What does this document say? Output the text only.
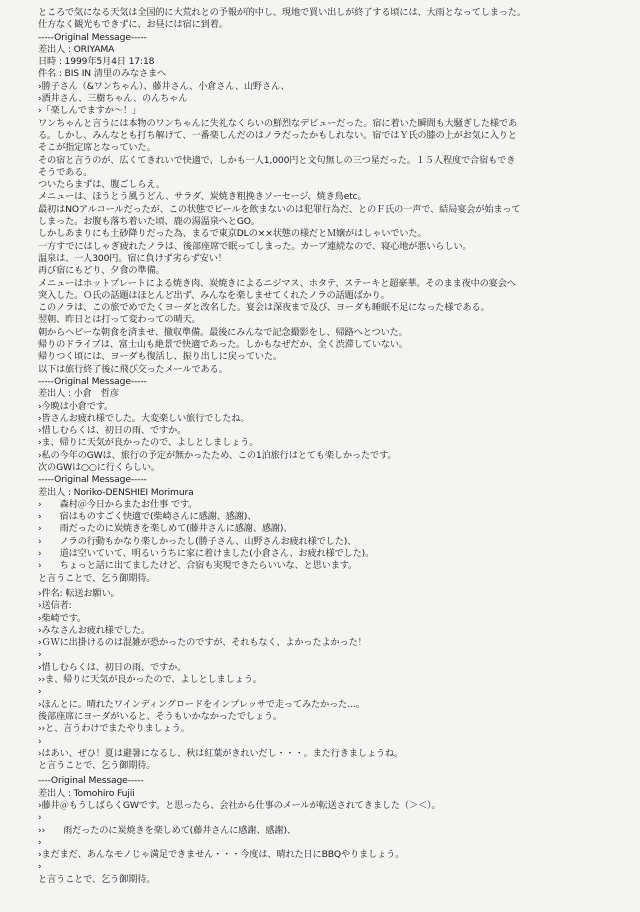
ところで気になる天気は全国的に大荒れとの予報が的中し、現地で買い出しが終了する頃には、大雨となってしまった。
仕方なく観光もできずに、お昼には宿に到着。
-----Original Message-----
差出人 : ORIYAMA
日時 : 1999年5月4日 17:18
件名 : BIS IN 清里のみなさまへ
›勝子さん（&ワンちゃん）、藤井さん、小倉さん、山野さん、
›酒井さん、三樹ちゃん、のんちゃん
›「楽しんでますか～！」
ワンちゃんと言うには本物のワンちゃんに失礼なくらいの鮮烈なデビューだった。宿に着いた瞬間も大騒ぎした様であ
る。しかし、みんなとも打ち解けて、一番楽しんだのはノラだったかもしれない。宿ではＹ氏の膝の上がお気に入りと
そこが指定席となっていた。
その宿と言うのが、広くてきれいで快適で、しかも一人1,000円と文句無しの三つ星だった。１５人程度で合宿もでき
そうである。
ついたらまずは、腹ごしらえ。
メニューは、ほうとう風うどん、サラダ、炭焼き粗挽きソーセージ、焼き鳥etc。
最初はNOアルコールだったが、この状態でビールを飲まないのは犯罪行為だ、とのＦ氏の一声で、結局宴会が始まって
しまった。お腹も落ち着いた頃、鹿の湯温泉へとGO。
しかしあまりにも土砂降りだった為、まるで東京DLの××状態の様だとＭ嬢がはしゃいでいた。
一方すでにはしゃぎ疲れたノラは、後部座席で眠ってしまった。カーブ連続なので、寝心地が悪いらしい。
温泉は、一人300円。宿に負けず劣らず安い！
再び宿にもどり、夕食の準備。
メニューはホットプレートによる焼き肉、炭焼きによるニジマス、ホタテ、ステーキと超豪華。そのまま夜中の宴会へ
突入した。Ｏ氏の話題はほとんど出ず、みんなを楽しませてくれたノラの話題ばかり。
このノラは、この旅でめでたくヨーダと改名した。宴会は深夜まで及び、ヨーダも睡眠不足になった様である。
翌朝、昨日とは打って変わっての晴天。
朝からヘビーな朝食を済ませ、撤収準備。最後にみんなで記念撮影をし、帰路へとついた。
帰りのドライブは、富士山も絶景で快適であった。しかもなぜだか、全く渋滞していない。
帰りつく頃には、ヨーダも復活し、振り出しに戻っていた。
以下は旅行終了後に飛び交ったメールである。
-----Original Message-----
差出人 : 小倉　哲彦
›今晩は小倉です。
›皆さんお疲れ様でした。大変楽しい旅行でしたね。
›惜しむらくは、初日の雨、ですか。
›ま、帰りに天気が良かったので、よしとしましょう。
›私の今年のGWは、旅行の予定が無かったため、この1泊旅行はとても楽しかったです。
次のGWは○○に行くらしい。
-----Original Message-----
差出人 : Noriko-DENSHIEI Morimura
›　　森村＠今日からまたお仕事 です。
›　　宿はものすごく快適で(柴崎さんに感謝、感謝)、
›　　雨だったのに炭焼きを楽しめて(藤井さんに感謝、感謝)、
›　　ノラの行動もかなり楽しかったし(勝子さん、山野さんお疲れ様でした)、
›　　道は空いていて、明るいうちに家に着けました(小倉さん、お疲れ様でした)。
›　　ちょっと話に出てましたけど、合宿も実現できたらいいな、と思います。
と言うことで、乞う御期待。
›件名: 転送お願い。
›送信者:
›柴崎です。
›みなさんお疲れ様でした。
›ＧＷに出掛けるのは混雑が恐かったのですが、それもなく、よかったよかった！
›
›惜しむらくは、初日の雨、ですか。
››ま、帰りに天気が良かったので、よしとしましょう。
›
›ほんとに。晴れたワインディングロードをインプレッサで走ってみたかった…。
後部座席にヨーダがいると、そうもいかなかったでしょう。
››と、言うわけでまたやりましょう。
›
›はあい、ぜひ！夏は避暑になるし、秋は紅葉がきれいだし・・・。また行きましょうね。
と言うことで、乞う御期待。
----Original Message-----
差出人 : Tomohiro Fujii
›藤井＠もうしばらくGWです。と思ったら、会社から仕事のメールが転送されてきました（＞＜）。
›
››　　雨だったのに炭焼きを楽しめて(藤井さんに感謝、感謝)、
›
›まだまだ、あんなモノじゃ満足できません・・・今度は、晴れた日にBBQやりましょう。
›
と言うことで、乞う御期待。
